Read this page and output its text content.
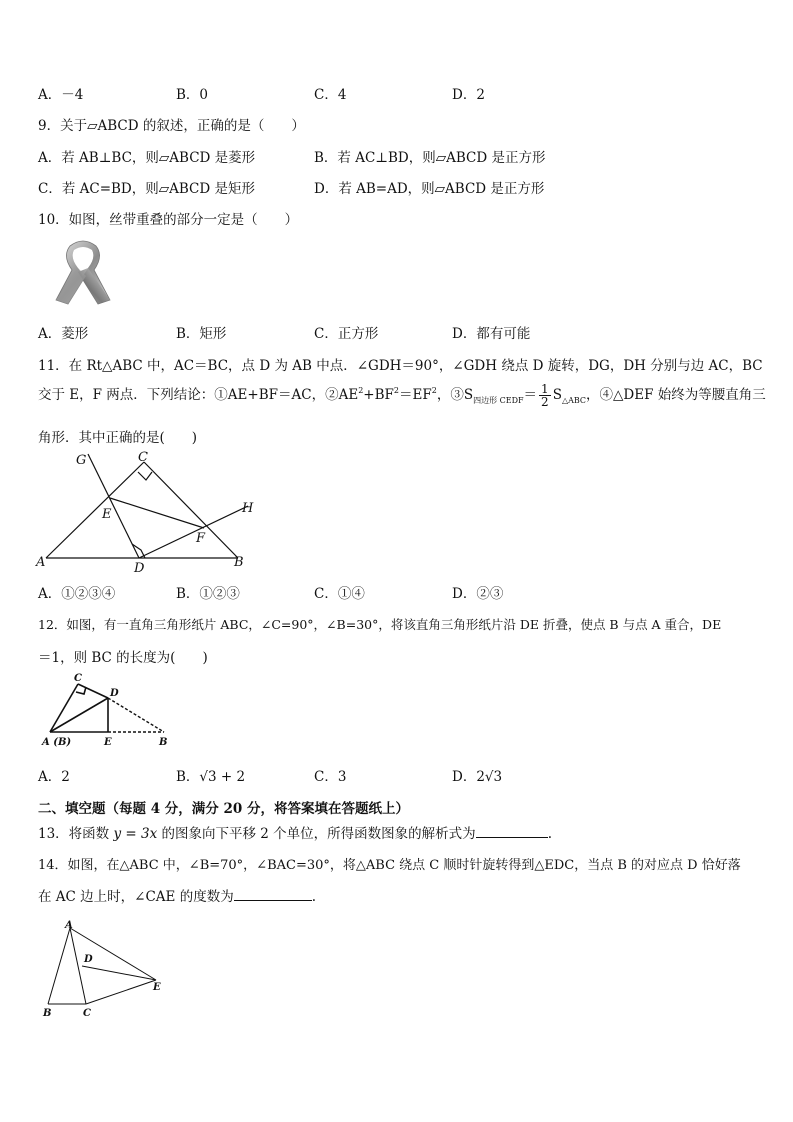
A．－4	B．0	C．4	D．2
9．关于▱ABCD 的叙述，正确的是（　　）
A．若 AB⊥BC，则▱ABCD 是菱形	B．若 AC⊥BD，则▱ABCD 是正方形
C．若 AC=BD，则▱ABCD 是矩形	D．若 AB=AD，则▱ABCD 是正方形
10．如图，丝带重叠的部分一定是（　　）
A．菱形	B．矩形	C．正方形	D．都有可能
11．在 Rt△ABC 中，AC＝BC，点 D 为 AB 中点．∠GDH＝90°，∠GDH 绕点 D 旋转，DG，DH 分别与边 AC，BC
交于 E，F 两点．下列结论：①AE+BF＝AC，$②AE^2+BF^2=EF^2$，$③S_{四边形 CEDF}= \frac{1}{2} S_{\triangle ABC}$，④△DEF 始终为等腰直角三
角形．其中正确的是(　　)
G	C
H
E
F
A	D	B
A．①②③④	B．①②③	C．①④	D．②③
12．如图，有一直角三角形纸片 ABC，∠C=90°，∠B=30°，将该直角三角形纸片沿 DE 折叠，使点 B 与点 A 重合，DE
＝1，则 BC 的长度为(　　)
C
D
A (B)	E	B
A．2	B．√3 + 2	C．3	D．2√3
二、填空题（每题 4 分，满分 20 分，将答案填在答题纸上）
13．将函数 y = 3x 的图象向下平移 2 个单位，所得函数图象的解析式为	.
14．如图，在△ABC 中，∠B=70°，∠BAC=30°，将△ABC 绕点 C 顺时针旋转得到△EDC，当点 B 的对应点 D 恰好落
在 AC 边上时，∠CAE 的度数为	.
A
D
E
B	C
